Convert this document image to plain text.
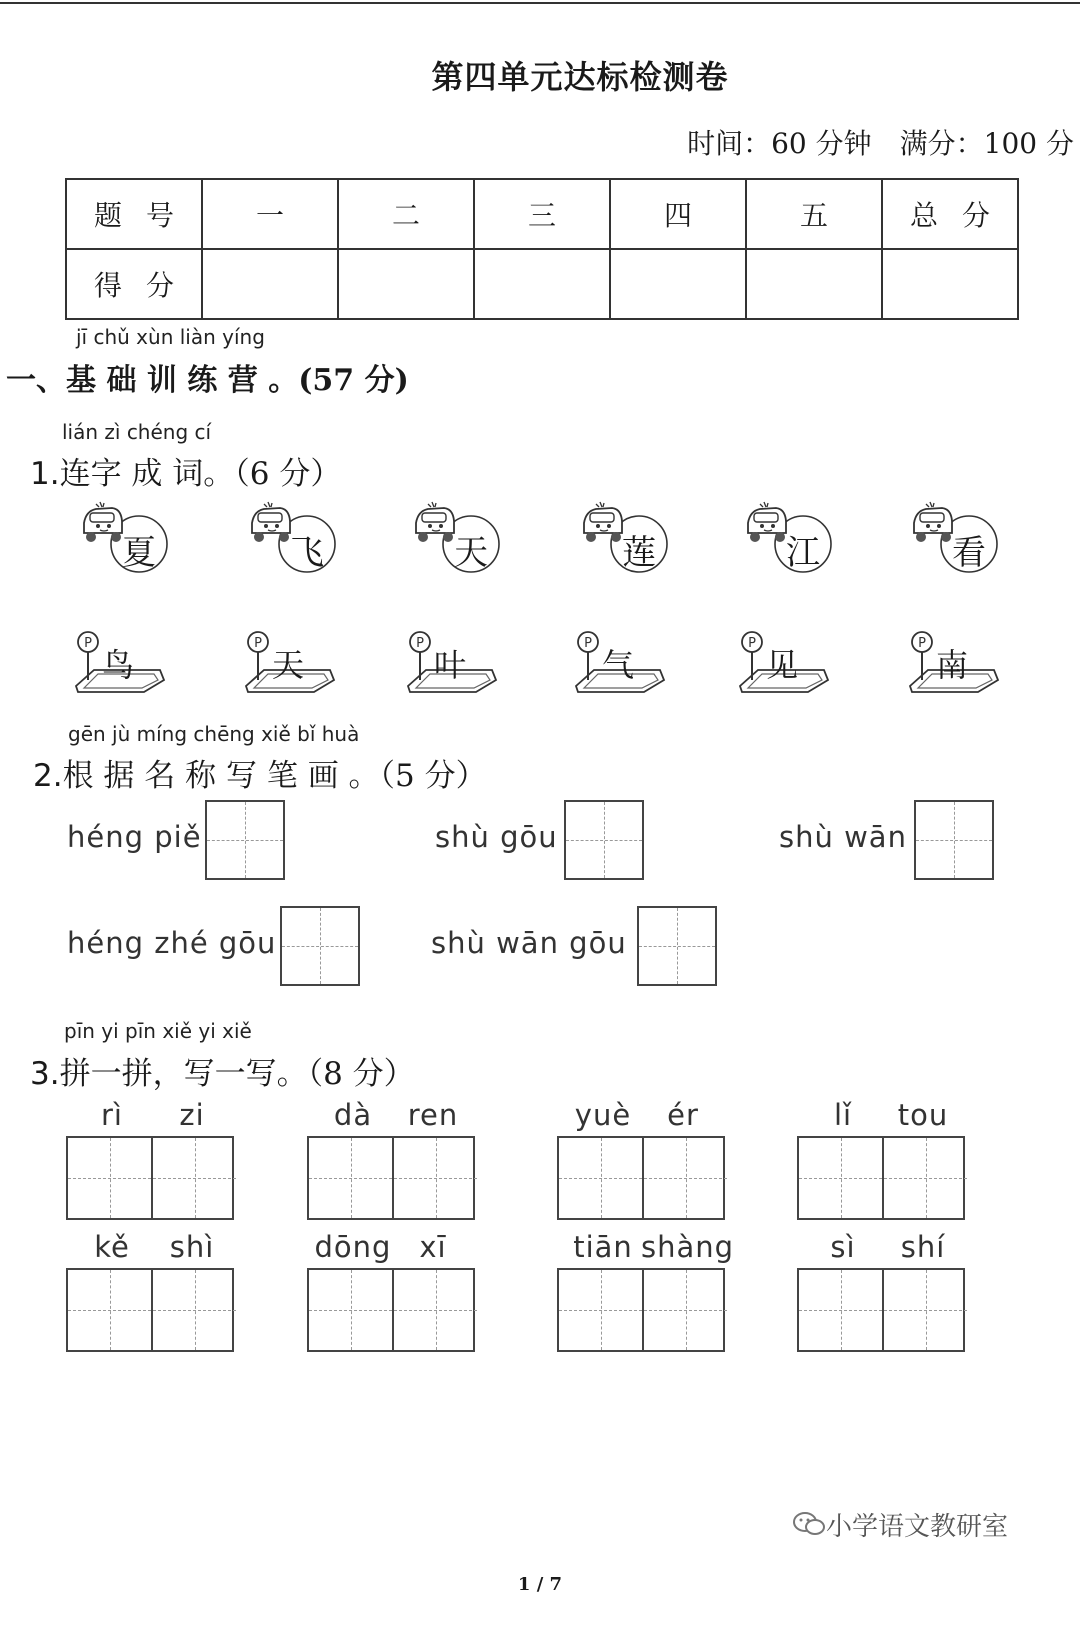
第四单元达标检测卷
时间：60 分钟 满分：100 分
题号	一	二	三	四	五	总分
得分						
jī chǔ xùn liàn yíng
一、基 础 训 练 营 。(57 分)
lián zì chéng cí
1.连字 成 词。（6 分）
夏	飞	天	莲	江	看
P
鸟
P
天
P
叶
P
气
P
见
P
南
gēn jù míng chēng xiě bǐ huà
2.根 据 名 称 写 笔 画 。（5 分）
héng piě	shù gōu	shù wān
héng zhé gōu	shù wān gōu
pīn yi pīn xiě yi xiě
3.拼一拼，写一写。（8 分）
rì	zi	dà	ren	yuè	ér	lǐ	tou
kě	shì	dōng xī	tiān shàng	sì	shí
小学语文教研室
1 / 7
